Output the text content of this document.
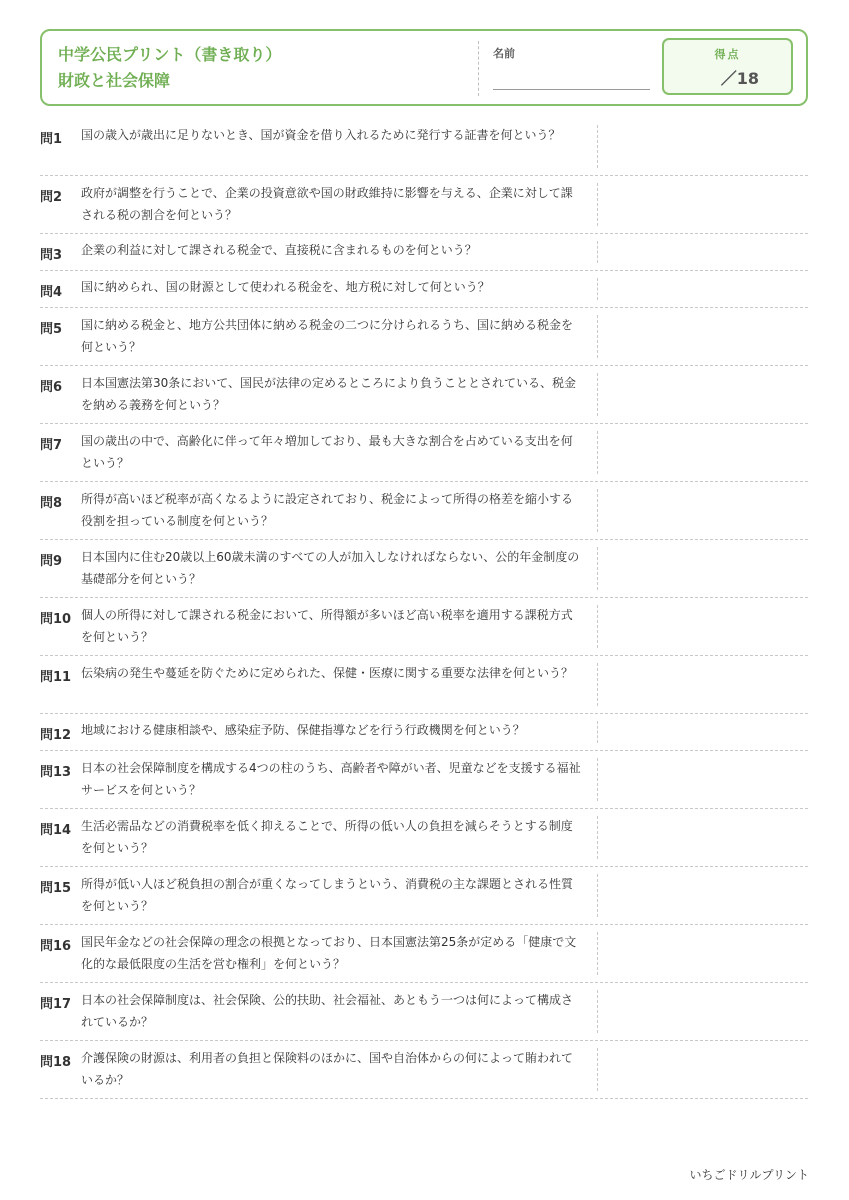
中学公民プリント（書き取り）
財政と社会保障
名前	得点
／18
問1	国の歳入が歳出に足りないとき、国が資金を借り入れるために発行する証書を何という？
問2	政府が調整を行うことで、企業の投資意欲や国の財政維持に影響を与える、企業に対して課される税の割合を何という？
問3	企業の利益に対して課される税金で、直接税に含まれるものを何という？
問4	国に納められ、国の財源として使われる税金を、地方税に対して何という？
問5	国に納める税金と、地方公共団体に納める税金の二つに分けられるうち、国に納める税金を何という？
問6	日本国憲法第30条において、国民が法律の定めるところにより負うこととされている、税金を納める義務を何という？
問7	国の歳出の中で、高齢化に伴って年々増加しており、最も大きな割合を占めている支出を何という？
問8	所得が高いほど税率が高くなるように設定されており、税金によって所得の格差を縮小する役割を担っている制度を何という？
問9	日本国内に住む20歳以上60歳未満のすべての人が加入しなければならない、公的年金制度の基礎部分を何という？
問10 個人の所得に対して課される税金において、所得額が多いほど高い税率を適用する課税方式を何という？
問11 伝染病の発生や蔓延を防ぐために定められた、保健・医療に関する重要な法律を何という？
問12 地域における健康相談や、感染症予防、保健指導などを行う行政機関を何という？
問13 日本の社会保障制度を構成する4つの柱のうち、高齢者や障がい者、児童などを支援する福祉サービスを何という？
問14 生活必需品などの消費税率を低く抑えることで、所得の低い人の負担を減らそうとする制度を何という？
問15 所得が低い人ほど税負担の割合が重くなってしまうという、消費税の主な課題とされる性質を何という？
問16 国民年金などの社会保障の理念の根拠となっており、日本国憲法第25条が定める「健康で文化的な最低限度の生活を営む権利」を何という？
問17 日本の社会保障制度は、社会保険、公的扶助、社会福祉、あともう一つは何によって構成されているか？
問18 介護保険の財源は、利用者の負担と保険料のほかに、国や自治体からの何によって賄われているか？
いちごドリルプリント
